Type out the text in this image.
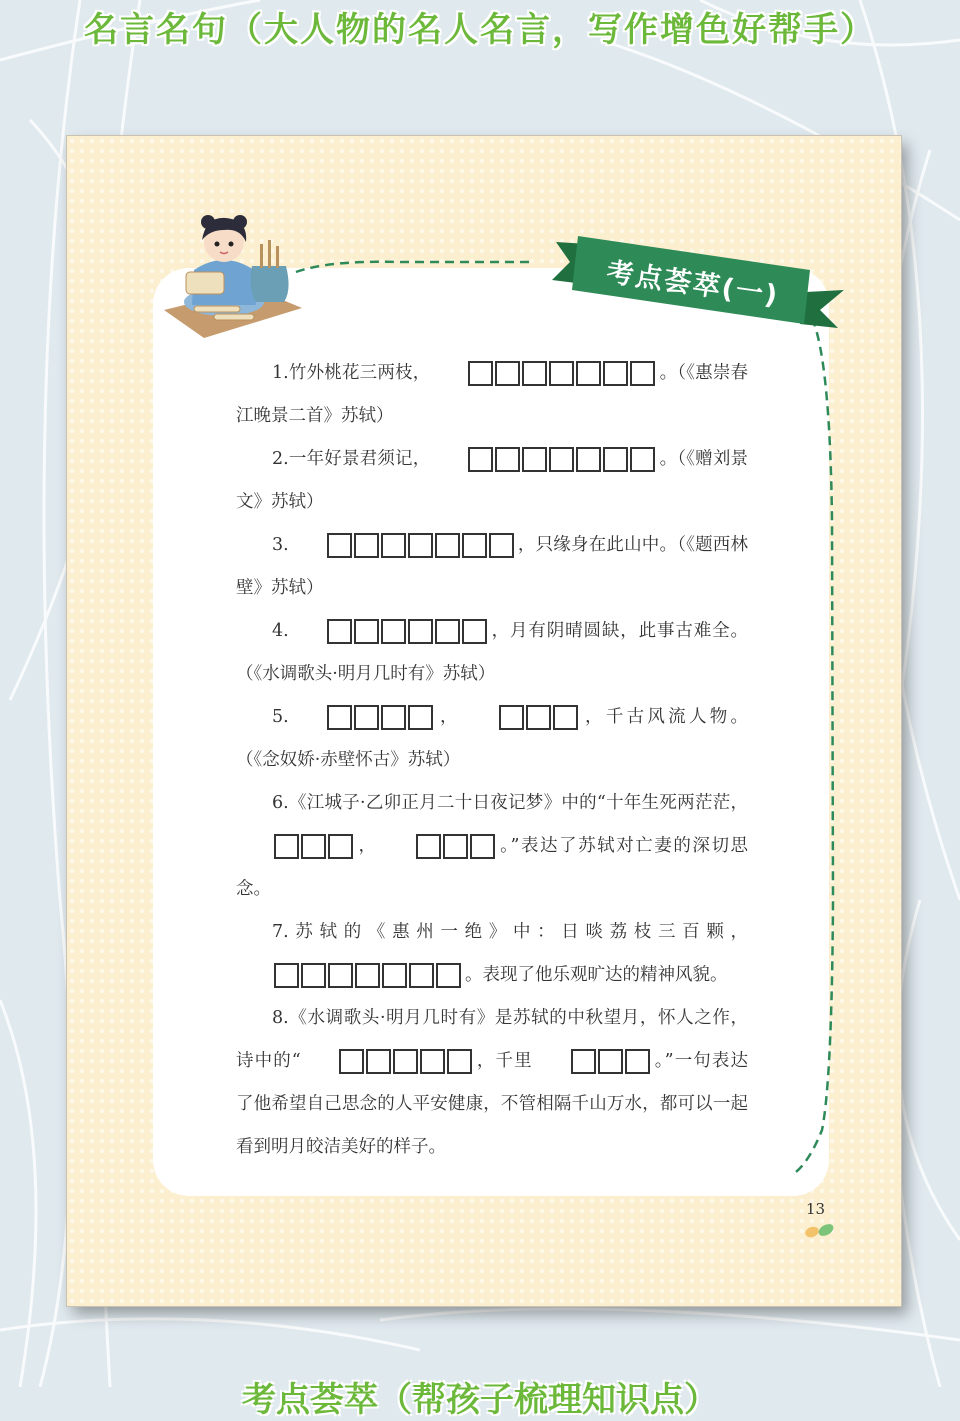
名言名句（大人物的名人名言，写作增色好帮手）
考点荟萃(一)

1.竹外桃花三两枝，	。（《惠崇春江晚景二首》苏轼）

2.一年好景君须记，	。（《赠刘景文》苏轼）

3.	，只缘身在此山中。（《题西林壁》苏轼）

4.	，月有阴晴圆缺，此事古难全。（《水调歌头·明月几时有》苏轼）

5.	，	，千古风流人物。（《念奴娇·赤壁怀古》苏轼）

6.《江城子·乙卯正月二十日夜记梦》中的“十年生死两茫茫，，	。”表达了苏轼对亡妻的深切思念。

7.苏轼的《惠州一绝》中：日啖荔枝三百颗，。表现了他乐观旷达的精神风貌。

8.《水调歌头·明月几时有》是苏轼的中秋望月，怀人之作，诗中的“	，千里	。”一句表达了他希望自己思念的人平安健康，不管相隔千山万水，都可以一起看到明月皎洁美好的样子。

13
考点荟萃（帮孩子梳理知识点）
